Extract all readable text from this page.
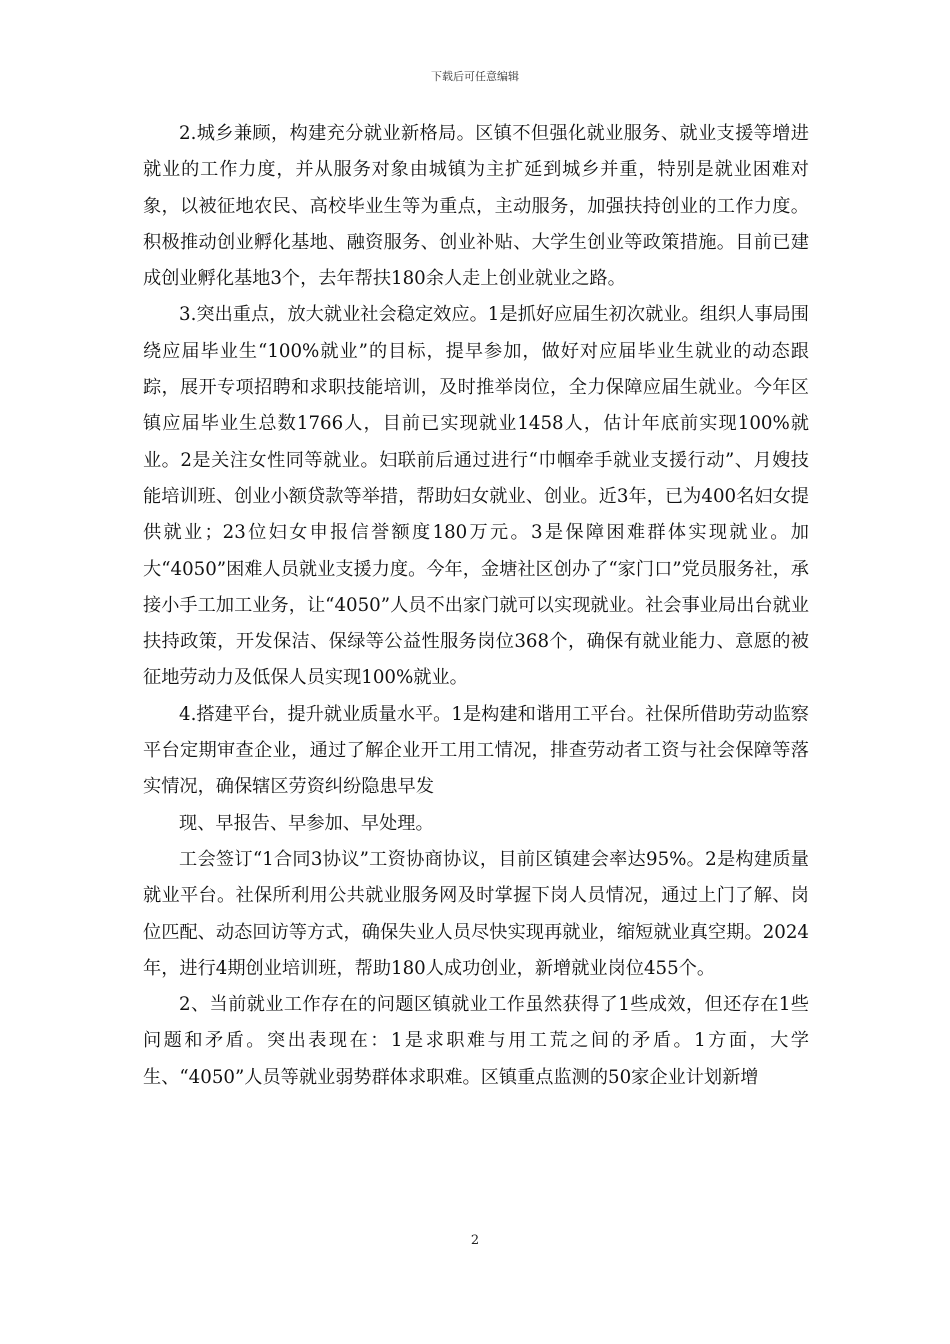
下载后可任意编辑

2.城乡兼顾，构建充分就业新格局。区镇不但强化就业服务、就业支援等增进就业的工作力度，并从服务对象由城镇为主扩延到城乡并重，特别是就业困难对象，以被征地农民、高校毕业生等为重点，主动服务，加强扶持创业的工作力度。积极推动创业孵化基地、融资服务、创业补贴、大学生创业等政策措施。目前已建成创业孵化基地3个，去年帮扶180余人走上创业就业之路。

3.突出重点，放大就业社会稳定效应。1是抓好应届生初次就业。组织人事局围绕应届毕业生“100%就业”的目标，提早参加，做好对应届毕业生就业的动态跟踪，展开专项招聘和求职技能培训，及时推举岗位，全力保障应届生就业。今年区镇应届毕业生总数1766人，目前已实现就业1458人，估计年底前实现100%就业。2是关注女性同等就业。妇联前后通过进行“巾帼牵手就业支援行动”、月嫂技能培训班、创业小额贷款等举措，帮助妇女就业、创业。近3年，已为400名妇女提供就业；23位妇女申报信誉额度180万元。3是保障困难群体实现就业。加大“4050”困难人员就业支援力度。今年，金塘社区创办了“家门口”党员服务社，承接小手工加工业务，让“4050”人员不出家门就可以实现就业。社会事业局出台就业扶持政策，开发保洁、保绿等公益性服务岗位368个，确保有就业能力、意愿的被征地劳动力及低保人员实现100%就业。

4.搭建平台，提升就业质量水平。1是构建和谐用工平台。社保所借助劳动监察平台定期审查企业，通过了解企业开工用工情况，排查劳动者工资与社会保障等落实情况，确保辖区劳资纠纷隐患早发

现、早报告、早参加、早处理。

工会签订“1合同3协议”工资协商协议，目前区镇建会率达95%。2是构建质量就业平台。社保所利用公共就业服务网及时掌握下岗人员情况，通过上门了解、岗位匹配、动态回访等方式，确保失业人员尽快实现再就业，缩短就业真空期。2024年，进行4期创业培训班，帮助180人成功创业，新增就业岗位455个。

2、当前就业工作存在的问题区镇就业工作虽然获得了1些成效，但还存在1些问题和矛盾。突出表现在：1是求职难与用工荒之间的矛盾。1方面，大学生、“4050”人员等就业弱势群体求职难。区镇重点监测的50家企业计划新增

2
